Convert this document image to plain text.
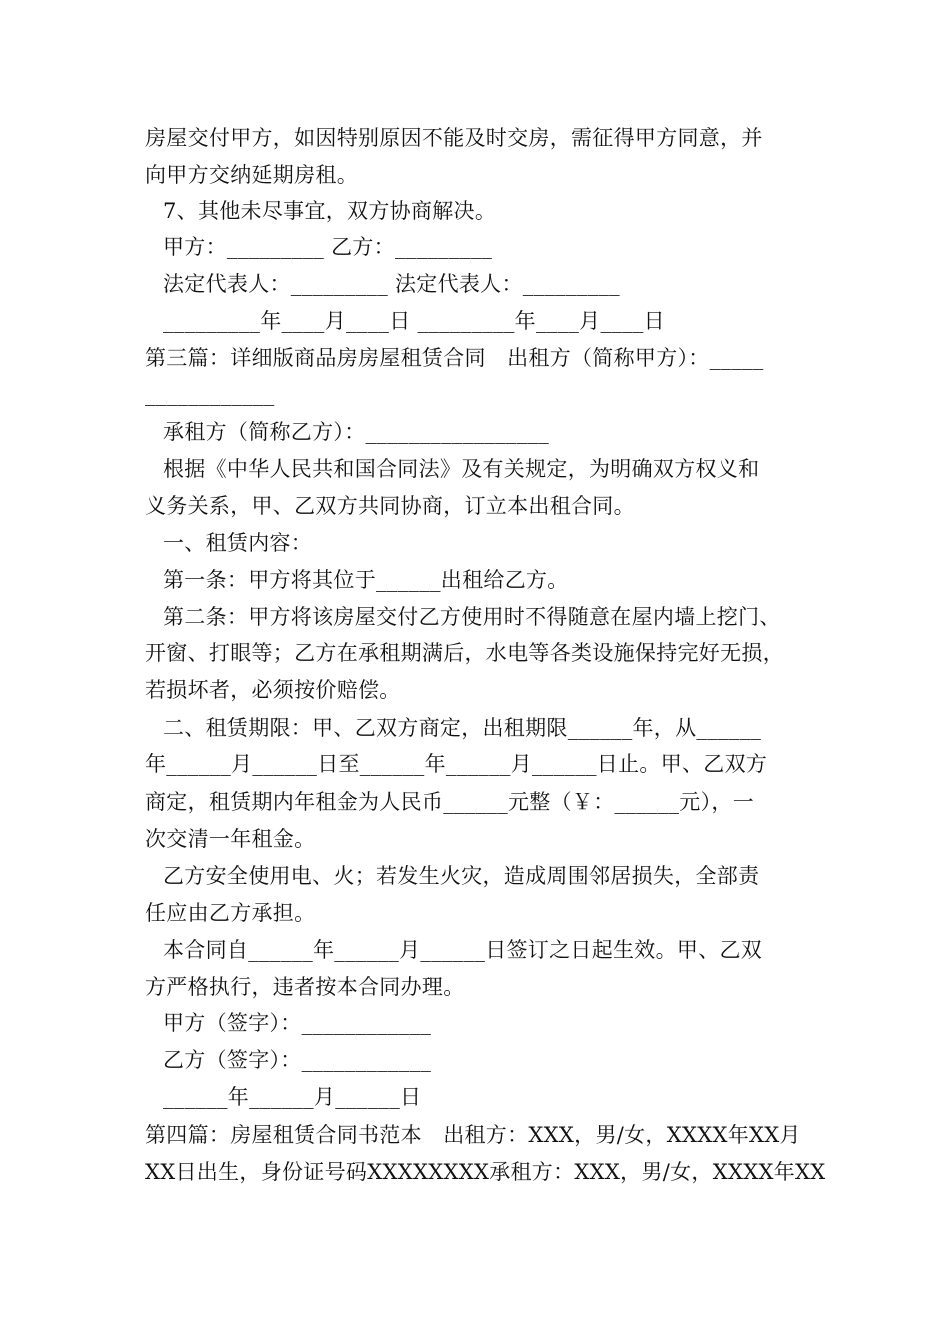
房屋交付甲方，如因特别原因不能及时交房，需征得甲方同意，并
向甲方交纳延期房租。
7、其他未尽事宜，双方协商解决。
甲方：_________ 乙方：_________
法定代表人：_________ 法定代表人：_________
_________年____月____日 _________年____月____日
第三篇：详细版商品房房屋租赁合同　出租方（简称甲方）：_____
____________
承租方（简称乙方）：_________________
根据《中华人民共和国合同法》及有关规定，为明确双方权义和
义务关系，甲、乙双方共同协商，订立本出租合同。
一、租赁内容：
第一条：甲方将其位于______出租给乙方。
第二条：甲方将该房屋交付乙方使用时不得随意在屋内墙上挖门、
开窗、打眼等；乙方在承租期满后，水电等各类设施保持完好无损，
若损坏者，必须按价赔偿。
二、租赁期限：甲、乙双方商定，出租期限______年，从______
年______月______日至______年______月______日止。甲、乙双方
商定，租赁期内年租金为人民币______元整（￥：______元），一
次交清一年租金。
乙方安全使用电、火；若发生火灾，造成周围邻居损失，全部责
任应由乙方承担。
本合同自______年______月______日签订之日起生效。甲、乙双
方严格执行，违者按本合同办理。
甲方（签字）：____________
乙方（签字）：____________
______年______月______日
第四篇：房屋租赁合同书范本　出租方：XXX，男/女，XXXX年XX月
XX日出生，身份证号码XXXXXXXX承租方：XXX，男/女，XXXX年XX
